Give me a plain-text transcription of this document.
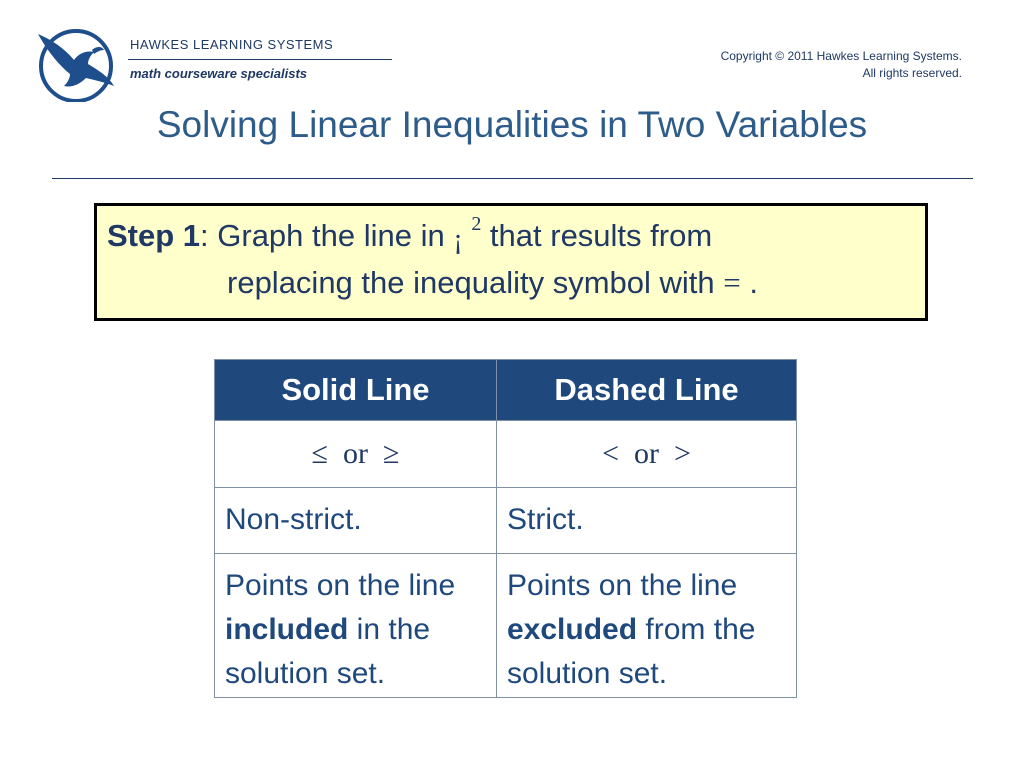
HAWKES LEARNING SYSTEMS
math courseware specialists
Copyright © 2011 Hawkes Learning Systems.
All rights reserved.
Solving Linear Inequalities in Two Variables
Step 1: Graph the line in ¡ $^2$ that results from
replacing the inequality symbol with = .
Solid Line	Dashed Line
≤  or  ≥	<  or  >
Non-strict.	Strict.
Points on the line included in the solution set.	Points on the line excluded from the solution set.
